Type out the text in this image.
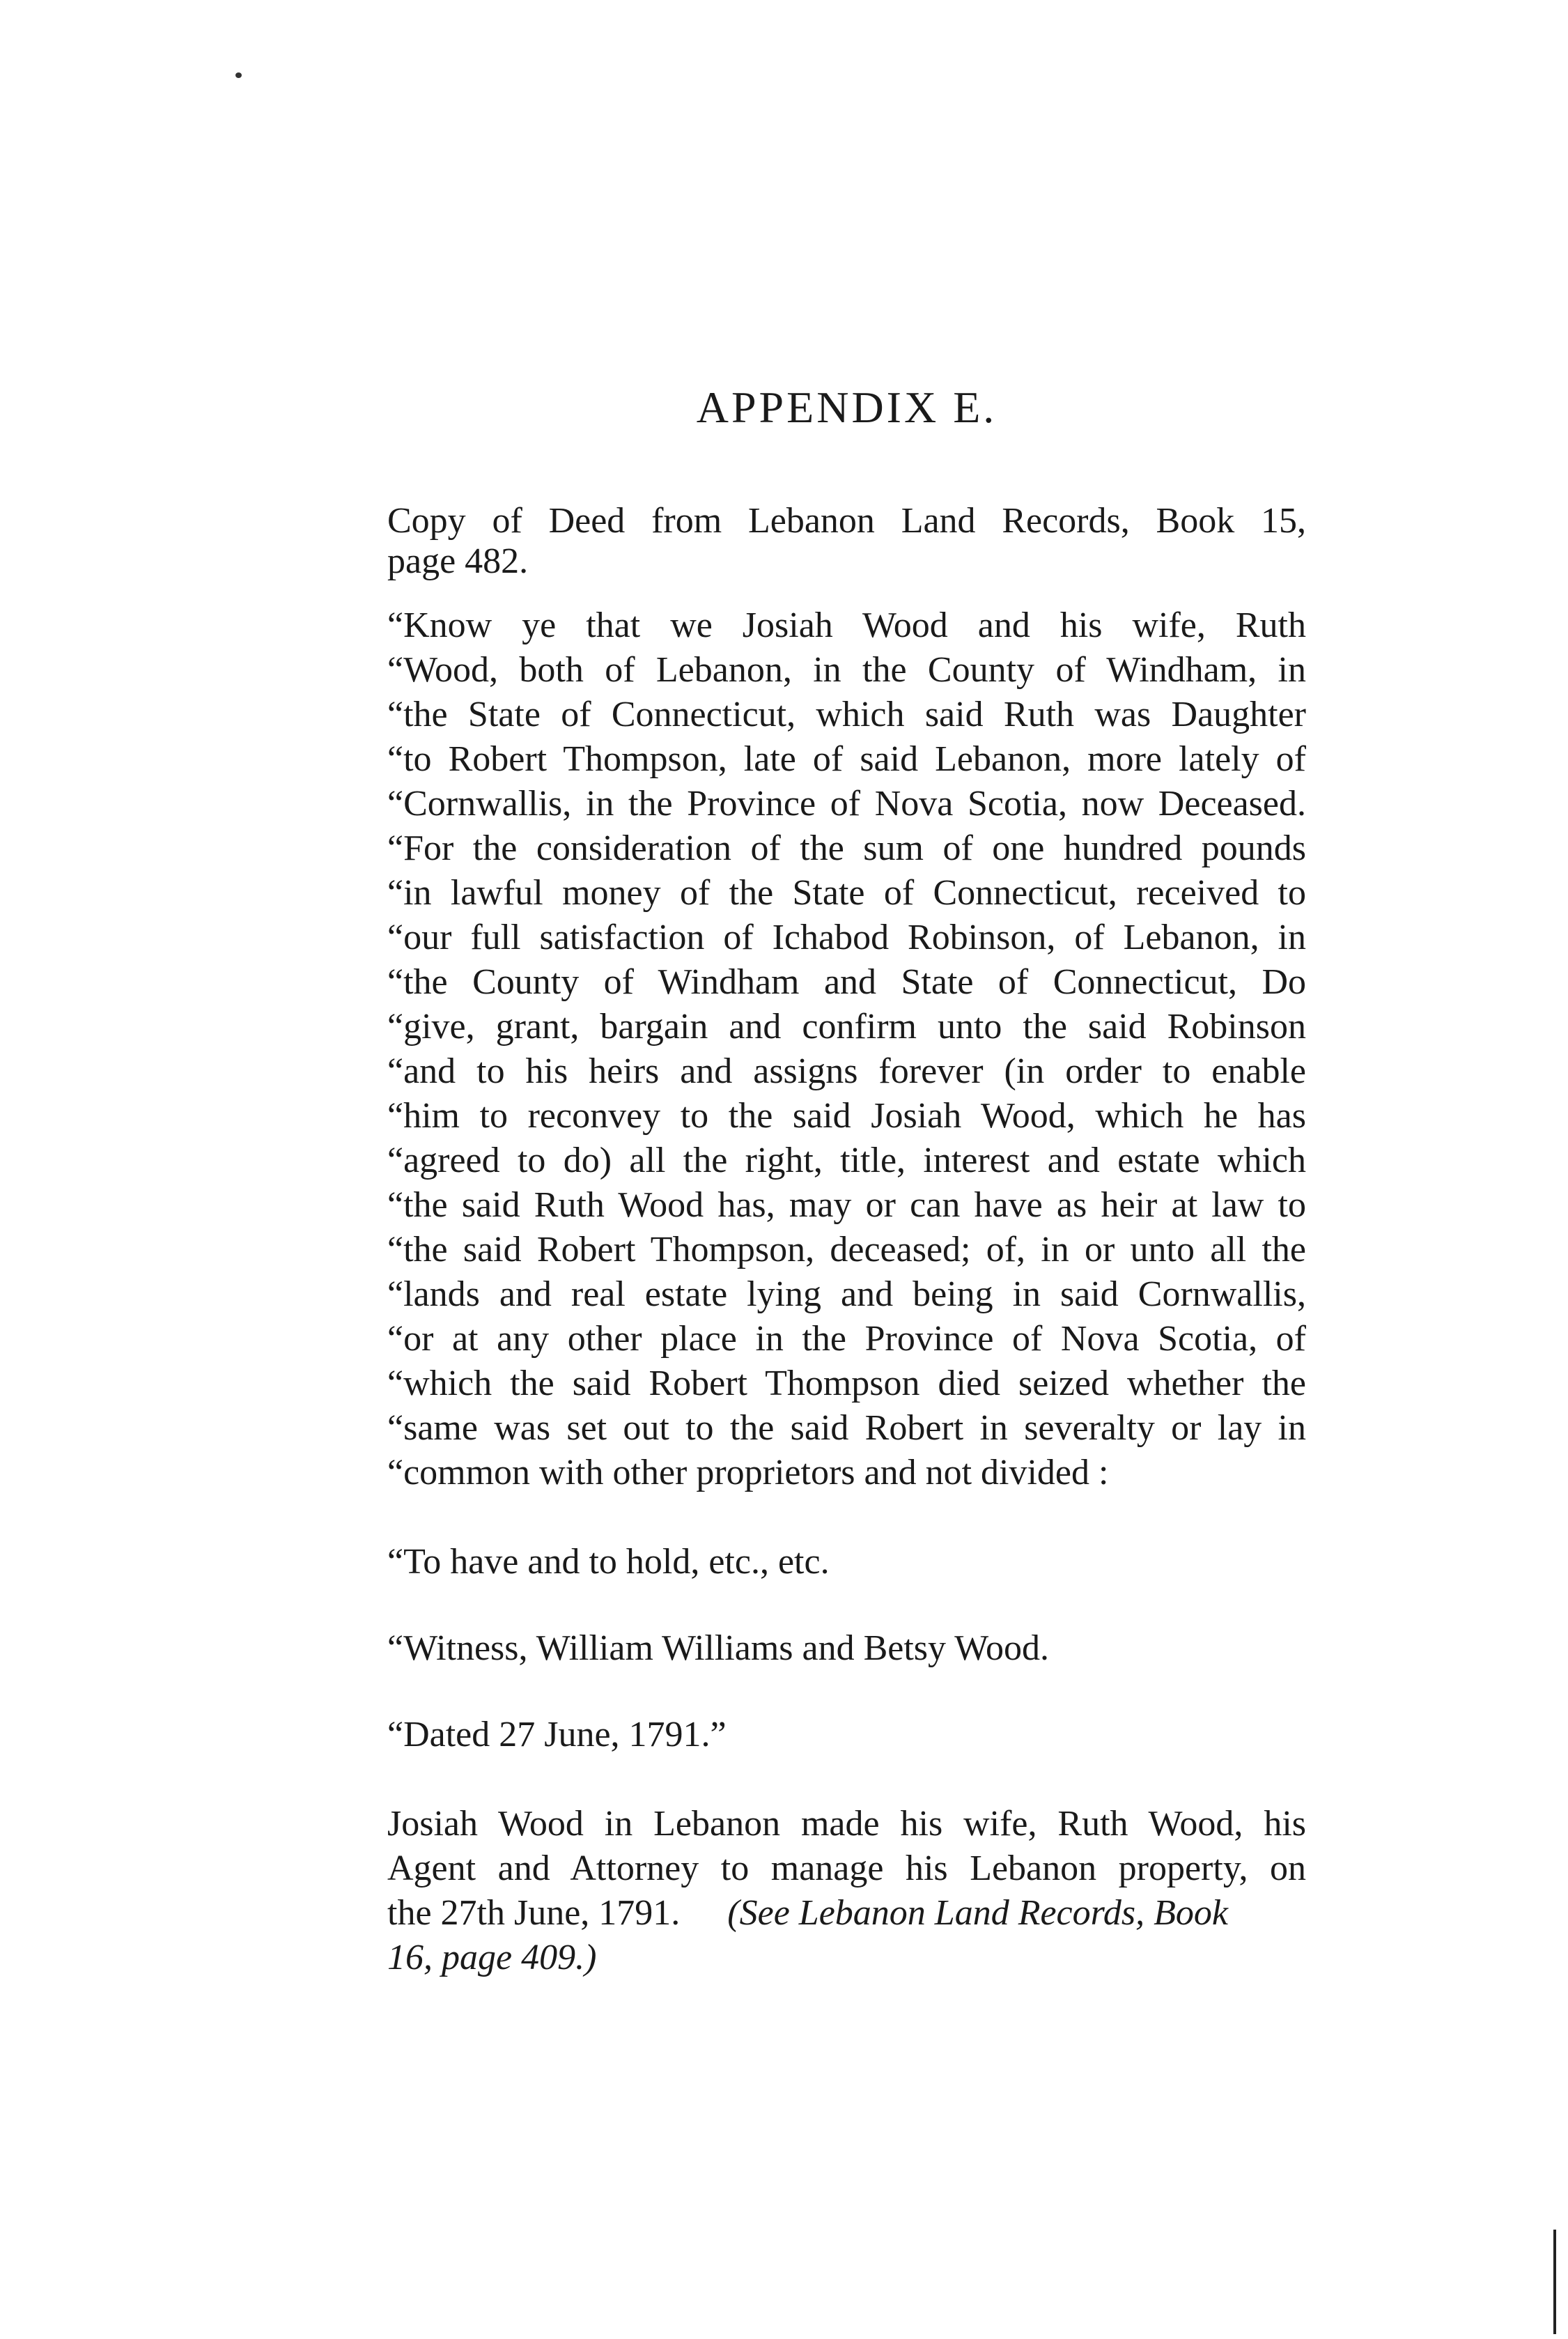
APPENDIX E.
Copy of Deed from Lebanon Land Records, Book 15,
page 482.
“Know ye that we Josiah Wood and his wife, Ruth
“Wood, both of Lebanon, in the County of Windham, in
“the State of Connecticut, which said Ruth was Daughter
“to Robert Thompson, late of said Lebanon, more lately of
“Cornwallis, in the Province of Nova Scotia, now Deceased.
“For the consideration of the sum of one hundred pounds
“in lawful money of the State of Connecticut, received to
“our full satisfaction of Ichabod Robinson, of Lebanon, in
“the County of Windham and State of Connecticut, Do
“give, grant, bargain and confirm unto the said Robinson
“and to his heirs and assigns forever (in order to enable
“him to reconvey to the said Josiah Wood, which he has
“agreed to do) all the right, title, interest and estate which
“the said Ruth Wood has, may or can have as heir at law to
“the said Robert Thompson, deceased; of, in or unto all the
“lands and real estate lying and being in said Cornwallis,
“or at any other place in the Province of Nova Scotia, of
“which the said Robert Thompson died seized whether the
“same was set out to the said Robert in severalty or lay in
“common with other proprietors and not divided :
“To have and to hold, etc., etc.
“Witness, William Williams and Betsy Wood.
“Dated 27 June, 1791.”
Josiah Wood in Lebanon made his wife, Ruth Wood, his
Agent and Attorney to manage his Lebanon property, on
the 27th June, 1791. (See Lebanon Land Records, Book
16, page 409.)
